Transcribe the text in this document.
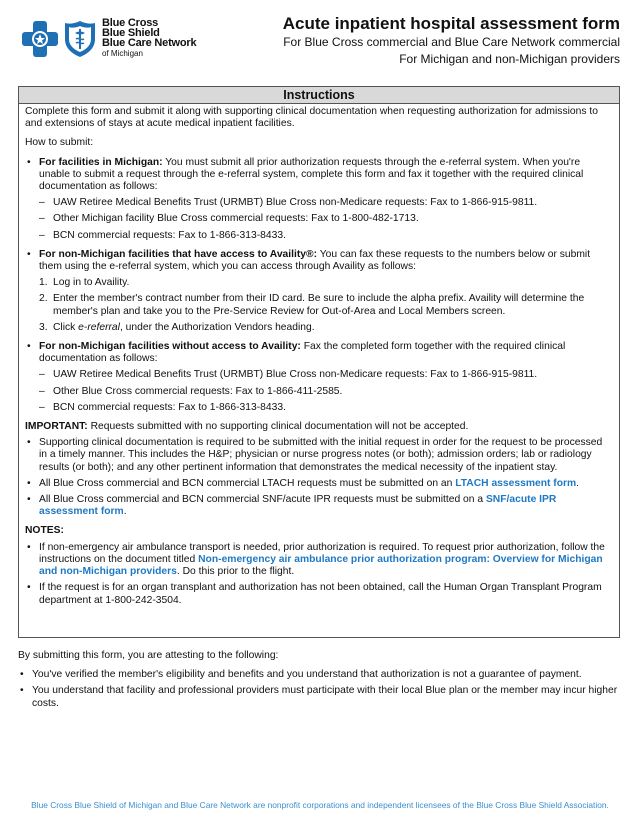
Blue Cross
Blue Shield
Blue Care Network
of Michigan

Acute inpatient hospital assessment form

For Blue Cross commercial and Blue Care Network commercial

For Michigan and non-Michigan providers

Instructions

Complete this form and submit it along with supporting clinical documentation when requesting authorization for admissions to and extensions of stays at acute medical inpatient facilities.

How to submit:

• For facilities in Michigan: You must submit all prior authorization requests through the e-referral system. When you're unable to submit a request through the e-referral system, complete this form and fax it together with the required clinical documentation as follows:
– UAW Retiree Medical Benefits Trust (URMBT) Blue Cross non-Medicare requests: Fax to 1-866-915-9811.
– Other Michigan facility Blue Cross commercial requests: Fax to 1-800-482-1713.
– BCN commercial requests: Fax to 1-866-313-8433.
• For non-Michigan facilities that have access to Availity®: You can fax these requests to the numbers below or submit them using the e-referral system, which you can access through Availity as follows:
1. Log in to Availity.
2. Enter the member's contract number from their ID card. Be sure to include the alpha prefix. Availity will determine the member's plan and take you to the Pre-Service Review for Out-of-Area and Local Members screen.
3. Click e-referral, under the Authorization Vendors heading.
• For non-Michigan facilities without access to Availity: Fax the completed form together with the required clinical documentation as follows:
– UAW Retiree Medical Benefits Trust (URMBT) Blue Cross non-Medicare requests: Fax to 1-866-915-9811.
– Other Blue Cross commercial requests: Fax to 1-866-411-2585.
– BCN commercial requests: Fax to 1-866-313-8433.

IMPORTANT: Requests submitted with no supporting clinical documentation will not be accepted.

• Supporting clinical documentation is required to be submitted with the initial request in order for the request to be processed in a timely manner. This includes the H&P; physician or nurse progress notes (or both); admission orders; lab or radiology results (or both); and any other pertinent information that demonstrates the medical necessity of the inpatient stay.
• All Blue Cross commercial and BCN commercial LTACH requests must be submitted on an LTACH assessment form.
• All Blue Cross commercial and BCN commercial SNF/acute IPR requests must be submitted on a SNF/acute IPR assessment form.

NOTES:

• If non-emergency air ambulance transport is needed, prior authorization is required. To request prior authorization, follow the instructions on the document titled Non-emergency air ambulance prior authorization program: Overview for Michigan and non-Michigan providers. Do this prior to the flight.
• If the request is for an organ transplant and authorization has not been obtained, call the Human Organ Transplant Program department at 1-800-242-3504.

By submitting this form, you are attesting to the following:

• You've verified the member's eligibility and benefits and you understand that authorization is not a guarantee of payment.
• You understand that facility and professional providers must participate with their local Blue plan or the member may incur higher costs.
Blue Cross Blue Shield of Michigan and Blue Care Network are nonprofit corporations and independent licensees of the Blue Cross Blue Shield Association.
